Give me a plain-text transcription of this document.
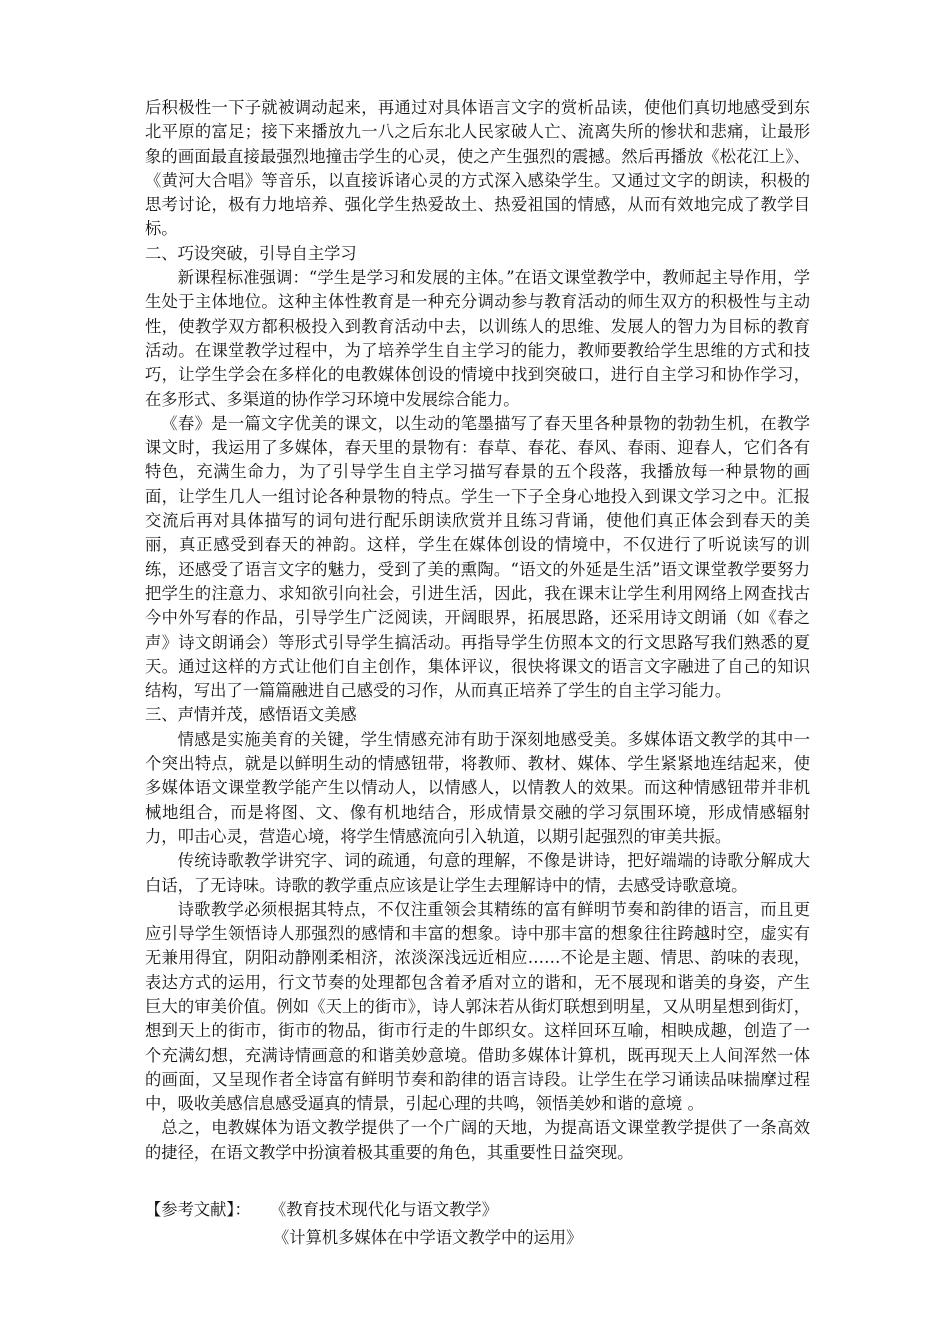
后积极性一下子就被调动起来，再通过对具体语言文字的赏析品读，使他们真切地感受到东北平原的富足；接下来播放九一八之后东北人民家破人亡、流离失所的惨状和悲痛，让最形象的画面最直接最强烈地撞击学生的心灵，使之产生强烈的震撼。然后再播放《松花江上》、《黄河大合唱》等音乐，以直接诉诸心灵的方式深入感染学生。又通过文字的朗读，积极的思考讨论，极有力地培养、强化学生热爱故土、热爱祖国的情感，从而有效地完成了教学目标。

二、巧设突破，引导自主学习

新课程标准强调：“学生是学习和发展的主体。”在语文课堂教学中，教师起主导作用，学生处于主体地位。这种主体性教育是一种充分调动参与教育活动的师生双方的积极性与主动性，使教学双方都积极投入到教育活动中去，以训练人的思维、发展人的智力为目标的教育活动。在课堂教学过程中，为了培养学生自主学习的能力，教师要教给学生思维的方式和技巧，让学生学会在多样化的电教媒体创设的情境中找到突破口，进行自主学习和协作学习，在多形式、多渠道的协作学习环境中发展综合能力。

《春》是一篇文字优美的课文，以生动的笔墨描写了春天里各种景物的勃勃生机，在教学课文时，我运用了多媒体，春天里的景物有：春草、春花、春风、春雨、迎春人，它们各有特色，充满生命力，为了引导学生自主学习描写春景的五个段落，我播放每一种景物的画面，让学生几人一组讨论各种景物的特点。学生一下子全身心地投入到课文学习之中。汇报交流后再对具体描写的词句进行配乐朗读欣赏并且练习背诵，使他们真正体会到春天的美丽，真正感受到春天的神韵。这样，学生在媒体创设的情境中，不仅进行了听说读写的训练，还感受了语言文字的魅力，受到了美的熏陶。“语文的外延是生活”语文课堂教学要努力把学生的注意力、求知欲引向社会，引进生活，因此，我在课末让学生利用网络上网查找古今中外写春的作品，引导学生广泛阅读，开阔眼界，拓展思路，还采用诗文朗诵（如《春之声》诗文朗诵会）等形式引导学生搞活动。再指导学生仿照本文的行文思路写我们熟悉的夏天。通过这样的方式让他们自主创作，集体评议，很快将课文的语言文字融进了自己的知识结构，写出了一篇篇融进自己感受的习作，从而真正培养了学生的自主学习能力。

三、声情并茂，感悟语文美感

情感是实施美育的关键，学生情感充沛有助于深刻地感受美。多媒体语文教学的其中一个突出特点，就是以鲜明生动的情感钮带，将教师、教材、媒体、学生紧紧地连结起来，使多媒体语文课堂教学能产生以情动人，以情感人，以情教人的效果。而这种情感钮带并非机械地组合，而是将图、文、像有机地结合，形成情景交融的学习氛围环境，形成情感辐射力，叩击心灵，营造心境，将学生情感流向引入轨道，以期引起强烈的审美共振。

传统诗歌教学讲究字、词的疏通，句意的理解，不像是讲诗，把好端端的诗歌分解成大白话，了无诗味。诗歌的教学重点应该是让学生去理解诗中的情，去感受诗歌意境。

诗歌教学必须根据其特点，不仅注重领会其精练的富有鲜明节奏和韵律的语言，而且更应引导学生领悟诗人那强烈的感情和丰富的想象。诗中那丰富的想象往往跨越时空，虚实有无兼用得宜，阴阳动静刚柔相济，浓淡深浅远近相应……不论是主题、情思、韵味的表现，表达方式的运用，行文节奏的处理都包含着矛盾对立的谐和，无不展现和谐美的身姿，产生巨大的审美价值。例如《天上的街市》，诗人郭沫若从街灯联想到明星，又从明星想到街灯，想到天上的街市，街市的物品，街市行走的牛郎织女。这样回环互喻，相映成趣，创造了一个充满幻想，充满诗情画意的和谐美妙意境。借助多媒体计算机，既再现天上人间浑然一体的画面，又呈现作者全诗富有鲜明节奏和韵律的语言诗段。让学生在学习诵读品味揣摩过程中，吸收美感信息感受逼真的情景，引起心理的共鸣，领悟美妙和谐的意境 。

总之，电教媒体为语文教学提供了一个广阔的天地，为提高语文课堂教学提供了一条高效的捷径，在语文教学中扮演着极其重要的角色，其重要性日益突现。

【参考文献】： 《教育技术现代化与语文教学》
《计算机多媒体在中学语文教学中的运用》
